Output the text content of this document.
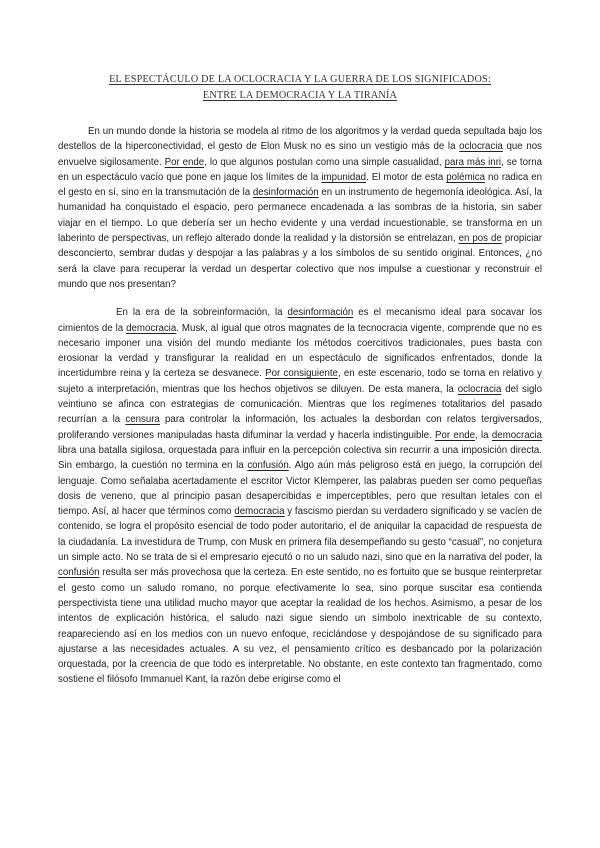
EL ESPECTÁCULO DE LA OCLOCRACIA Y LA GUERRA DE LOS SIGNIFICADOS:
ENTRE LA DEMOCRACIA Y LA TIRANÍA

En un mundo donde la historia se modela al ritmo de los algoritmos y la verdad queda sepultada bajo los destellos de la hiperconectividad, el gesto de Elon Musk no es sino un vestigio más de la oclocracia que nos envuelve sigilosamente. Por ende, lo que algunos postulan como una simple casualidad, para más inri, se torna en un espectáculo vacío que pone en jaque los límites de la impunidad. El motor de esta polémica no radica en el gesto en sí, sino en la transmutación de la desinformación en un instrumento de hegemonía ideológica. Así, la humanidad ha conquistado el espacio, pero permanece encadenada a las sombras de la historia, sin saber viajar en el tiempo. Lo que debería ser un hecho evidente y una verdad incuestionable, se transforma en un laberinto de perspectivas, un reflejo alterado donde la realidad y la distorsión se entrelazan, en pos de propiciar desconcierto, sembrar dudas y despojar a las palabras y a los símbolos de su sentido original. Entonces, ¿no será la clave para recuperar la verdad un despertar colectivo que nos impulse a cuestionar y reconstruir el mundo que nos presentan?

En la era de la sobreinformación, la desinformación es el mecanismo ideal para socavar los cimientos de la democracia. Musk, al igual que otros magnates de la tecnocracia vigente, comprende que no es necesario imponer una visión del mundo mediante los métodos coercitivos tradicionales, pues basta con erosionar la verdad y transfigurar la realidad en un espectáculo de significados enfrentados, donde la incertidumbre reina y la certeza se desvanece. Por consiguiente, en este escenario, todo se torna en relativo y sujeto a interpretación, mientras que los hechos objetivos se diluyen. De esta manera, la oclocracia del siglo veintiuno se afinca con estrategias de comunicación. Mientras que los regímenes totalitarios del pasado recurrían a la censura para controlar la información, los actuales la desbordan con relatos tergiversados, proliferando versiones manipuladas hasta difuminar la verdad y hacerla indistinguible. Por ende, la democracia libra una batalla sigilosa, orquestada para influir en la percepción colectiva sin recurrir a una imposición directa. Sin embargo, la cuestión no termina en la confusión. Algo aún más peligroso está en juego, la corrupción del lenguaje. Como señalaba acertadamente el escritor Victor Klemperer, las palabras pueden ser como pequeñas dosis de veneno, que al principio pasan desapercibidas e imperceptibles, pero que resultan letales con el tiempo. Así, al hacer que términos como democracia y fascismo pierdan su verdadero significado y se vacíen de contenido, se logra el propósito esencial de todo poder autoritario, el de aniquilar la capacidad de respuesta de la ciudadanía. La investidura de Trump, con Musk en primera fila desempeñando su gesto “casual”, no conjetura un simple acto. No se trata de si el empresario ejecutó o no un saludo nazi, sino que en la narrativa del poder, la confusión resulta ser más provechosa que la certeza. En este sentido, no es fortuito que se busque reinterpretar el gesto como un saludo romano, no porque efectivamente lo sea, sino porque suscitar esa contienda perspectivista tiene una utilidad mucho mayor que aceptar la realidad de los hechos. Asimismo, a pesar de los intentos de explicación histórica, el saludo nazi sigue siendo un símbolo inextricable de su contexto, reapareciendo así en los medios con un nuevo enfoque, reciclándose y despojándose de su significado para ajustarse a las necesidades actuales. A su vez, el pensamiento crítico es desbancado por la polarización orquestada, por la creencia de que todo es interpretable. No obstante, en este contexto tan fragmentado, como sostiene el filósofo Immanuel Kant, la razón debe erigirse como el
